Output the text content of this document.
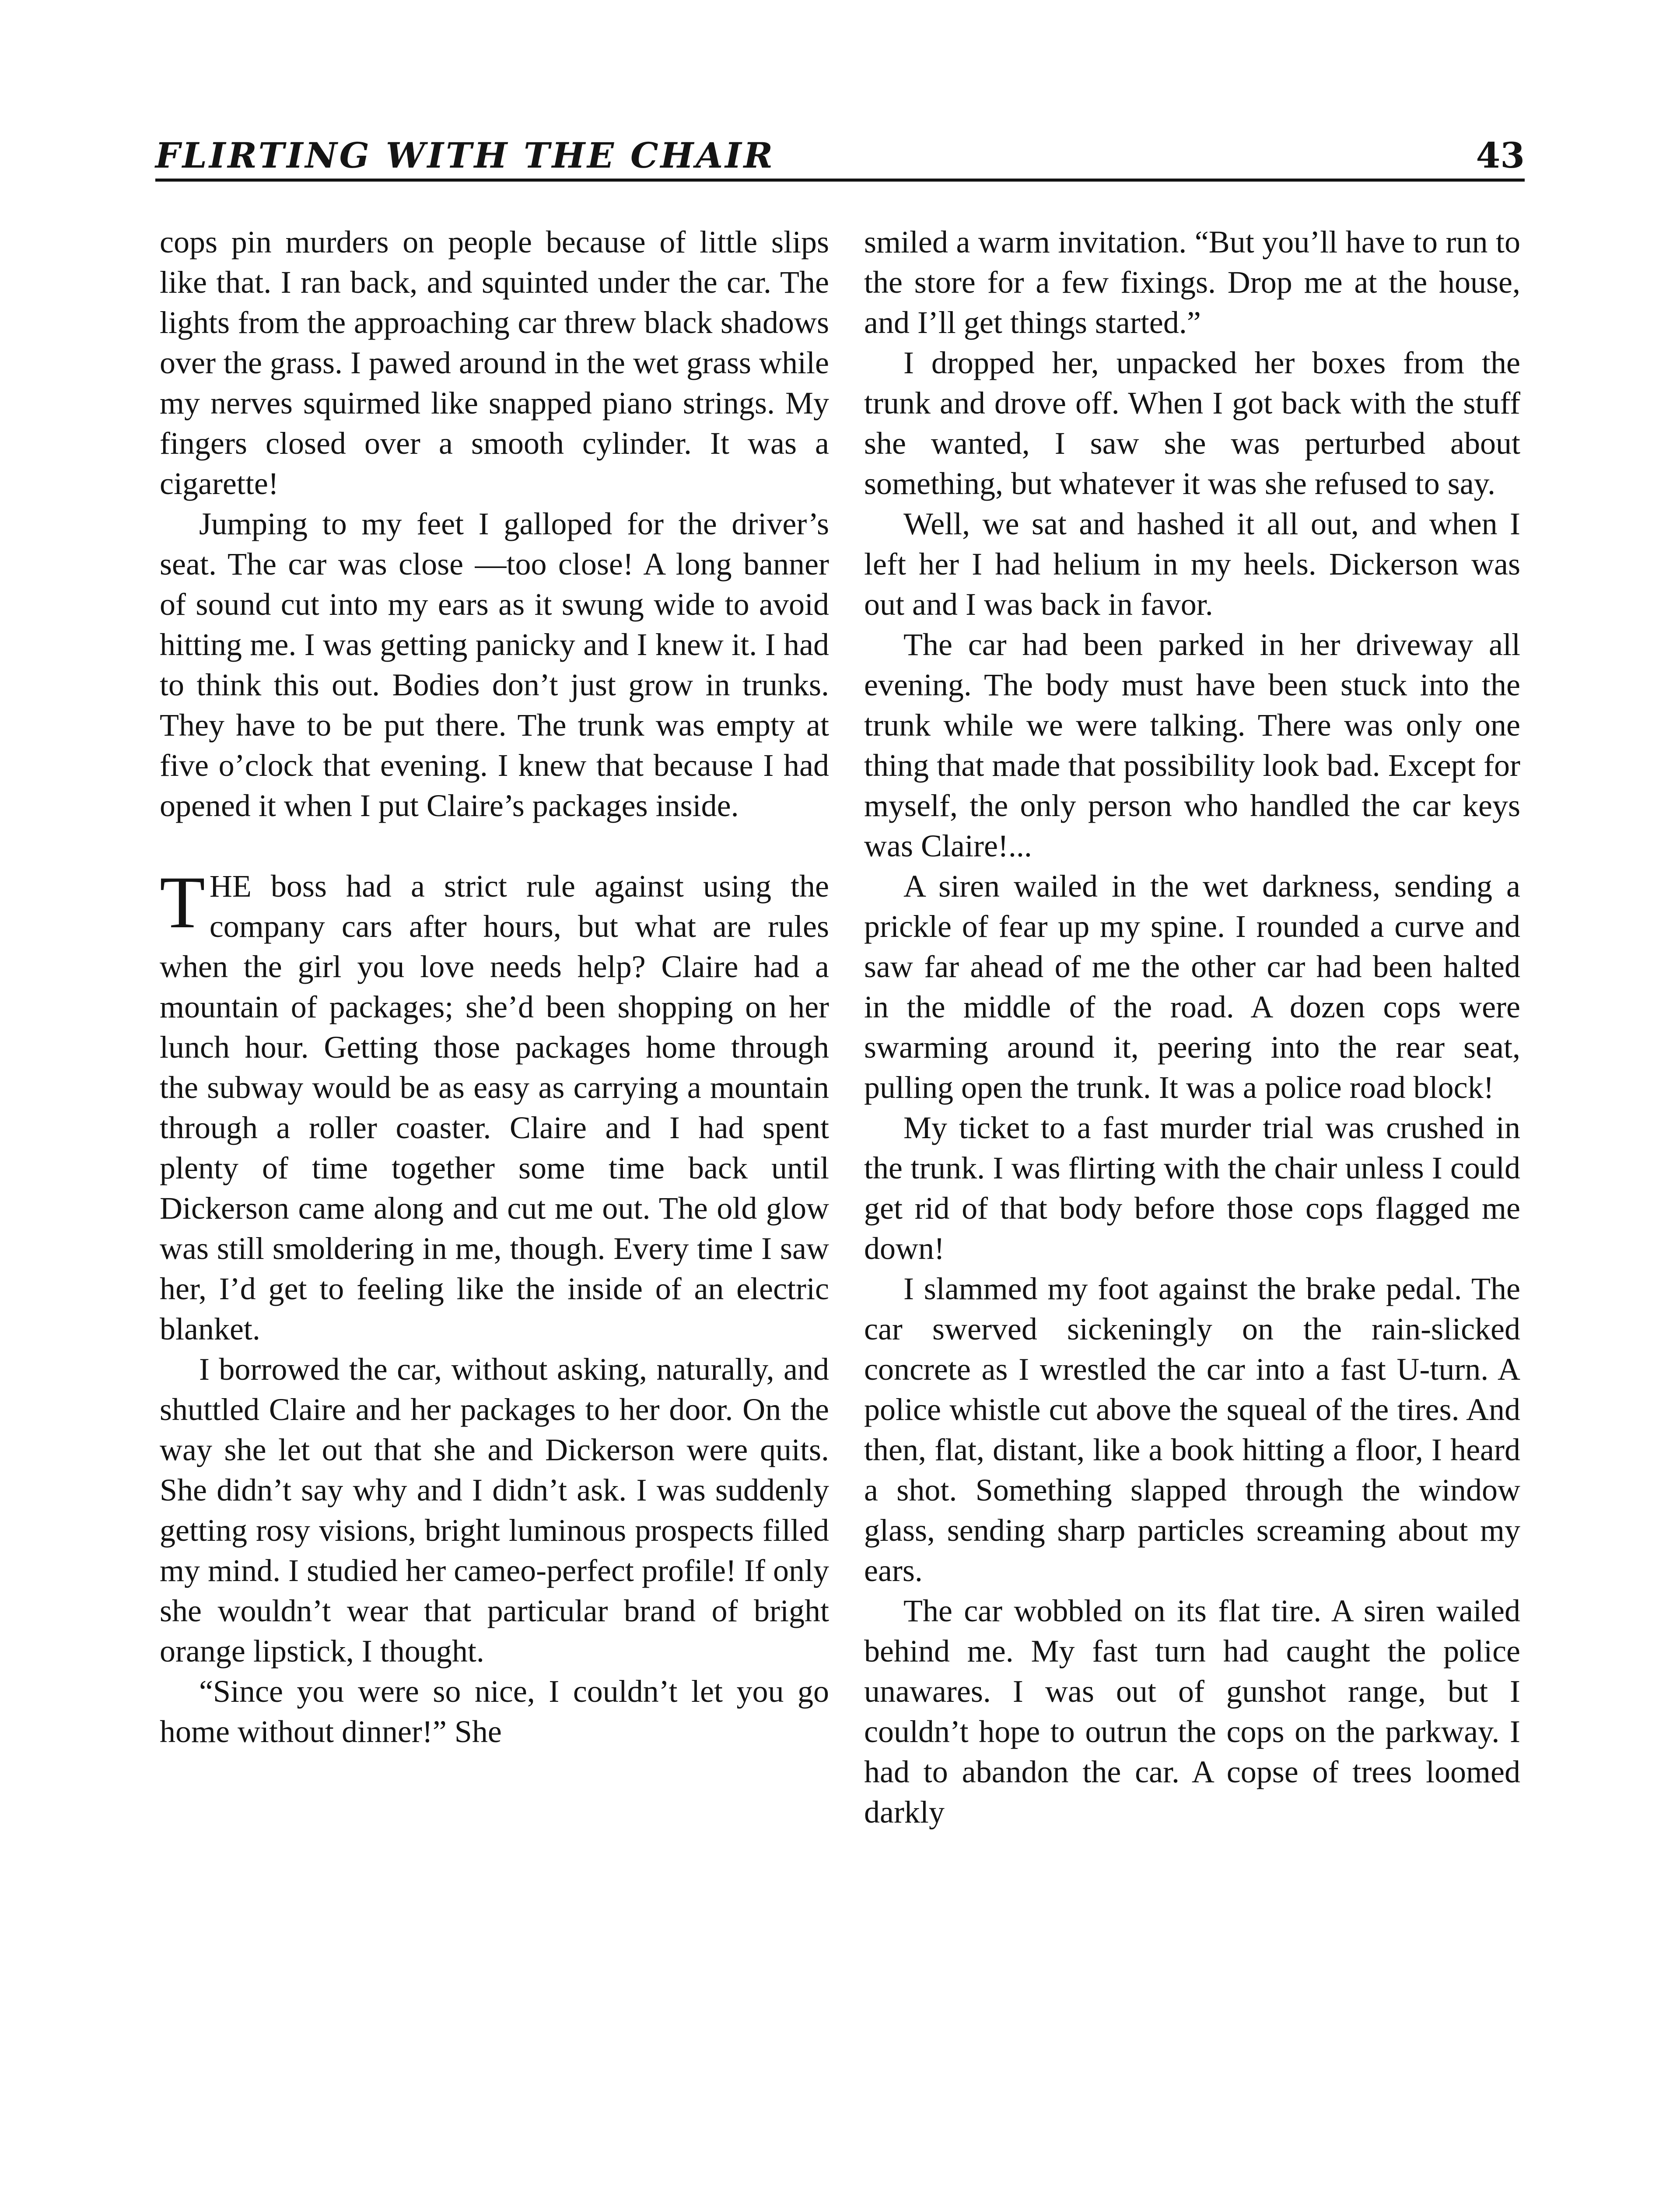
FLIRTING WITH THE CHAIR	43

cops pin murders on people because of little slips like that. I ran back, and squinted under the car. The lights from the approaching car threw black shadows over the grass. I pawed around in the wet grass while my nerves squirmed like snapped piano strings. My fingers closed over a smooth cylinder. It was a cigarette!

Jumping to my feet I galloped for the driver’s seat. The car was close —too close! A long banner of sound cut into my ears as it swung wide to avoid hitting me. I was getting panicky and I knew it. I had to think this out. Bodies don’t just grow in trunks. They have to be put there. The trunk was empty at five o’clock that evening. I knew that because I had opened it when I put Claire’s packages inside.

THE boss had a strict rule against using the company cars after hours, but what are rules when the girl you love needs help? Claire had a mountain of packages; she’d been shopping on her lunch hour. Getting those packages home through the subway would be as easy as carrying a mountain through a roller coaster. Claire and I had spent plenty of time together some time back until Dickerson came along and cut me out. The old glow was still smoldering in me, though. Every time I saw her, I’d get to feeling like the inside of an electric blanket.

I borrowed the car, without asking, naturally, and shuttled Claire and her packages to her door. On the way she let out that she and Dickerson were quits. She didn’t say why and I didn’t ask. I was suddenly getting rosy visions, bright luminous prospects filled my mind. I studied her cameo-perfect profile! If only she wouldn’t wear that particular brand of bright orange lipstick, I thought.

“Since you were so nice, I couldn’t let you go home without dinner!” She

smiled a warm invitation. “But you’ll have to run to the store for a few fixings. Drop me at the house, and I’ll get things started.”

I dropped her, unpacked her boxes from the trunk and drove off. When I got back with the stuff she wanted, I saw she was perturbed about something, but whatever it was she refused to say.

Well, we sat and hashed it all out, and when I left her I had helium in my heels. Dickerson was out and I was back in favor.

The car had been parked in her driveway all evening. The body must have been stuck into the trunk while we were talking. There was only one thing that made that possibility look bad. Except for myself, the only person who handled the car keys was Claire!...

A siren wailed in the wet darkness, sending a prickle of fear up my spine. I rounded a curve and saw far ahead of me the other car had been halted in the middle of the road. A dozen cops were swarming around it, peering into the rear seat, pulling open the trunk. It was a police road block!

My ticket to a fast murder trial was crushed in the trunk. I was flirting with the chair unless I could get rid of that body before those cops flagged me down!

I slammed my foot against the brake pedal. The car swerved sickeningly on the rain-slicked concrete as I wrestled the car into a fast U-turn. A police whistle cut above the squeal of the tires. And then, flat, distant, like a book hitting a floor, I heard a shot. Something slapped through the window glass, sending sharp particles screaming about my ears.

The car wobbled on its flat tire. A siren wailed behind me. My fast turn had caught the police unawares. I was out of gunshot range, but I couldn’t hope to outrun the cops on the parkway. I had to abandon the car. A copse of trees loomed darkly
